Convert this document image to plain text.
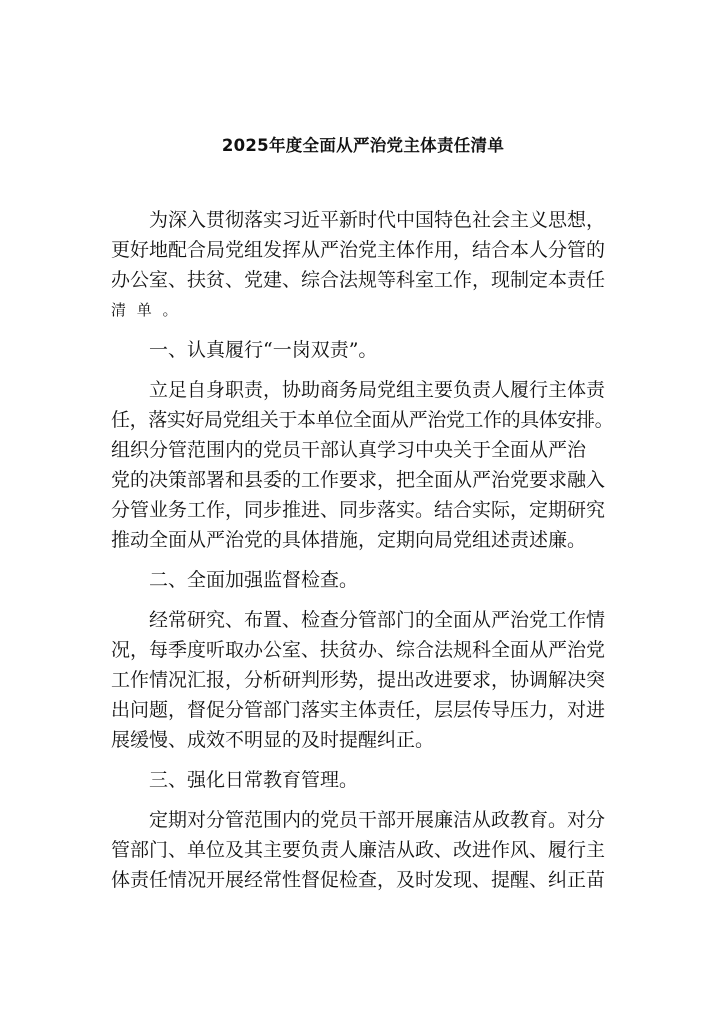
2025年度全面从严治党主体责任清单
　　为深入贯彻落实习近平新时代中国特色社会主义思想，
更好地配合局党组发挥从严治党主体作用，结合本人分管的
办公室、扶贫、党建、综合法规等科室工作，现制定本责任
清 单 。
　　一、认真履行“一岗双责”。
　　立足自身职责，协助商务局党组主要负责人履行主体责
任，落实好局党组关于本单位全面从严治党工作的具体安排。
组织分管范围内的党员干部认真学习中央关于全面从严治
党的决策部署和县委的工作要求，把全面从严治党要求融入
分管业务工作，同步推进、同步落实。结合实际，定期研究
推动全面从严治党的具体措施，定期向局党组述责述廉。
　　二、全面加强监督检查。
　　经常研究、布置、检查分管部门的全面从严治党工作情
况，每季度听取办公室、扶贫办、综合法规科全面从严治党
工作情况汇报，分析研判形势，提出改进要求，协调解决突
出问题，督促分管部门落实主体责任，层层传导压力，对进
展缓慢、成效不明显的及时提醒纠正。
　　三、强化日常教育管理。
　　定期对分管范围内的党员干部开展廉洁从政教育。对分
管部门、单位及其主要负责人廉洁从政、改进作风、履行主
体责任情况开展经常性督促检查，及时发现、提醒、纠正苗
